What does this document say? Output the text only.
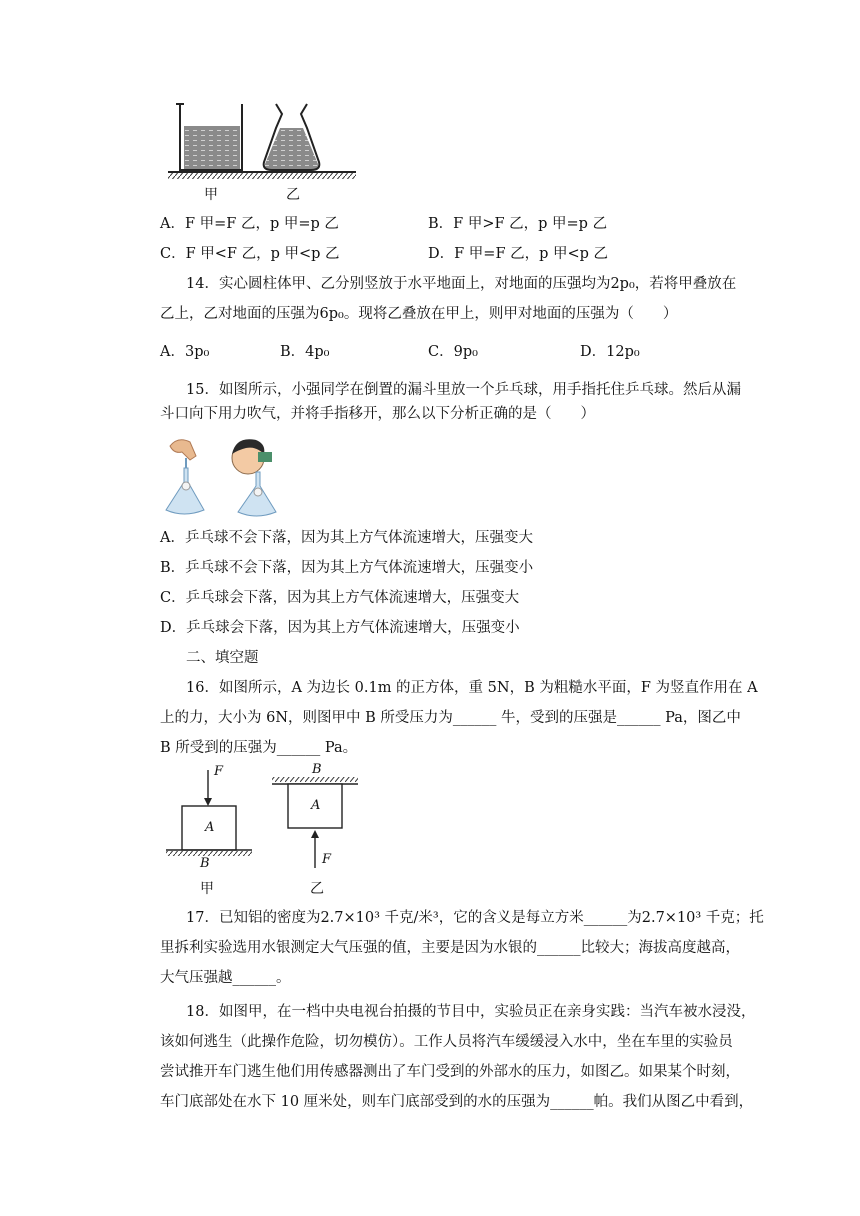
甲	乙
A．F 甲=F 乙，p 甲=p 乙	B．F 甲>F 乙，p 甲=p 乙
C．F 甲<F 乙，p 甲<p 乙	D．F 甲=F 乙，p 甲<p 乙
14．实心圆柱体甲、乙分别竖放于水平地面上，对地面的压强均为2p₀，若将甲叠放在
乙上，乙对地面的压强为6p₀。现将乙叠放在甲上，则甲对地面的压强为（　　）
A．3p₀	B．4p₀	C．9p₀	D．12p₀
15．如图所示，小强同学在倒置的漏斗里放一个乒乓球，用手指托住乒乓球。然后从漏
斗口向下用力吹气，并将手指移开，那么以下分析正确的是（　　）
A．乒乓球不会下落，因为其上方气体流速增大，压强变大
B．乒乓球不会下落，因为其上方气体流速增大，压强变小
C．乒乓球会下落，因为其上方气体流速增大，压强变大
D．乒乓球会下落，因为其上方气体流速增大，压强变小
二、填空题
16．如图所示，A 为边长 0.1m 的正方体，重 5N，B 为粗糙水平面，F 为竖直作用在 A
上的力，大小为 6N，则图甲中 B 所受压力为______ 牛，受到的压强是______ Pa，图乙中
B 所受到的压强为______ Pa。
F
A
B
甲
B
A
F
乙
17．已知铝的密度为2.7×10³ 千克/米³，它的含义是每立方米______为2.7×10³ 千克；托
里拆利实验选用水银测定大气压强的值，主要是因为水银的______比较大；海拔高度越高，
大气压强越______。
18．如图甲，在一档中央电视台拍摄的节目中，实验员正在亲身实践：当汽车被水浸没，
该如何逃生（此操作危险，切勿模仿）。工作人员将汽车缓缓浸入水中，坐在车里的实验员
尝试推开车门逃生他们用传感器测出了车门受到的外部水的压力，如图乙。如果某个时刻，
车门底部处在水下 10 厘米处，则车门底部受到的水的压强为______帕。我们从图乙中看到，
